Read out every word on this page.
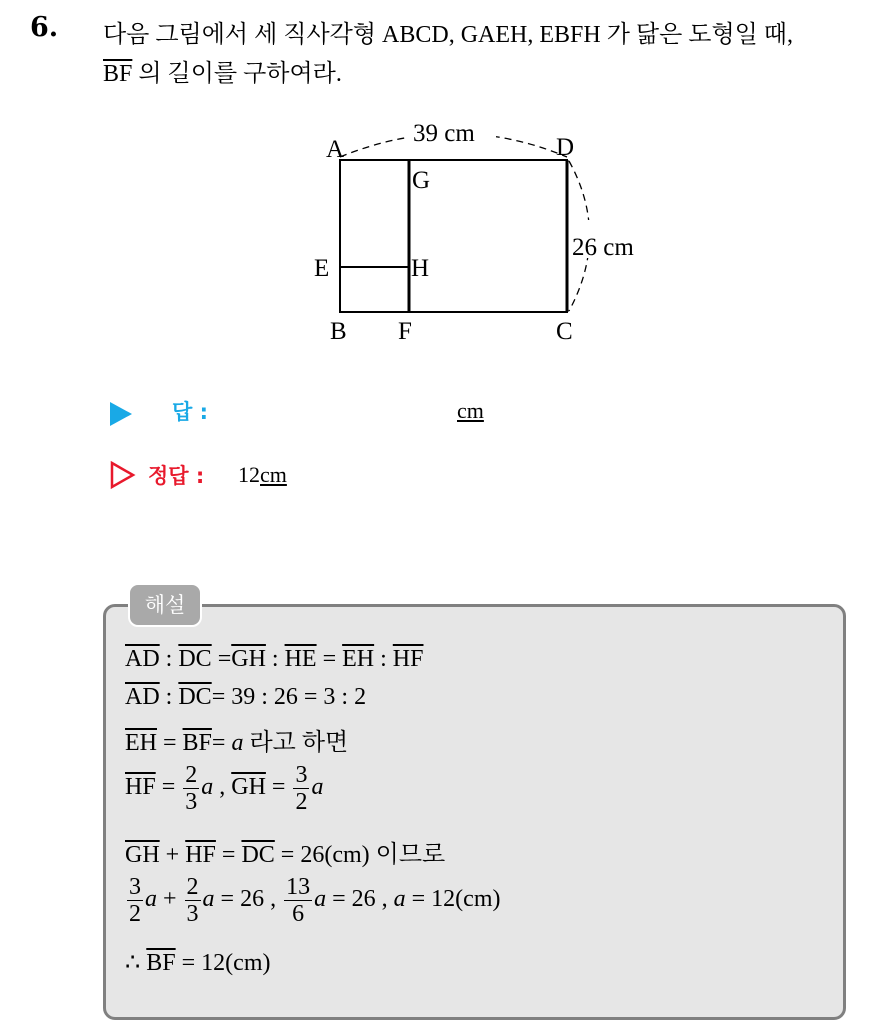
6. 다음 그림에서 세 직사각형 ABCD, GAEH, EBFH 가 닮은 도형일 때,
$\overline{BF}$ 의 길이를 구하여라.
A	D
G
E	H
B F	C
39 cm
26 cm
답 :	cm
정답 : 12cm
해설
$\overline{AD}$ : $\overline{DC} =\overline{GH}$ : $\overline{HE} = \overline{EH}$ : $\overline{HF}$
$\overline{AD}$ : $\overline{DC}= 39$ : 26 = 3 : 2
$\overline{EH} = \overline{BF}= a$ 라고 하면
$\overline{HF} = \frac{2}{3}$ a , $\overline{GH} = \frac{3}{2}$ a
$\overline{GH} + \overline{HF} = \overline{DC} = 26(cm)$ 이므로
$\frac{3}{2}$ $a + \frac{2}{3}$ a = 26 , $\frac{13}{6}$ a = 26 , a = 12(cm)
∴ $\overline{BF} = 12(cm)$
